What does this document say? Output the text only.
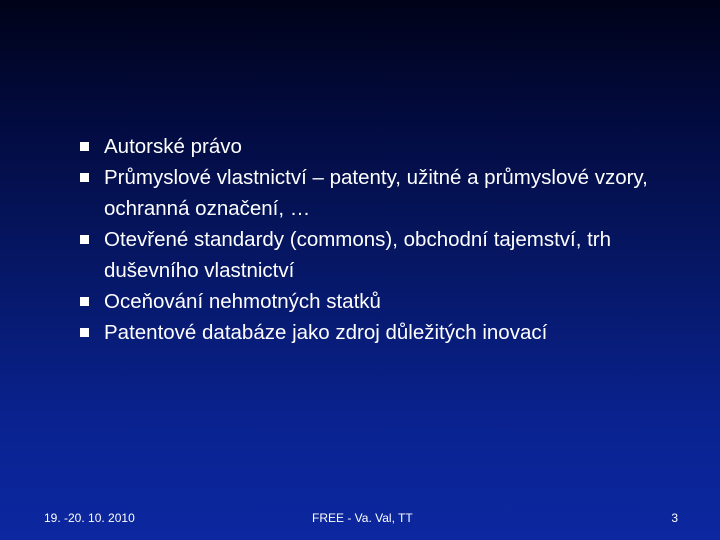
Autorské právo
Průmyslové vlastnictví – patenty, užitné a průmyslové vzory, ochranná označení, …
Otevřené standardy (commons), obchodní tajemství, trh duševního vlastnictví
Oceňování nehmotných statků
Patentové databáze jako zdroj důležitých inovací
19. -20. 10. 2010	FREE - Va. Val, TT	3
